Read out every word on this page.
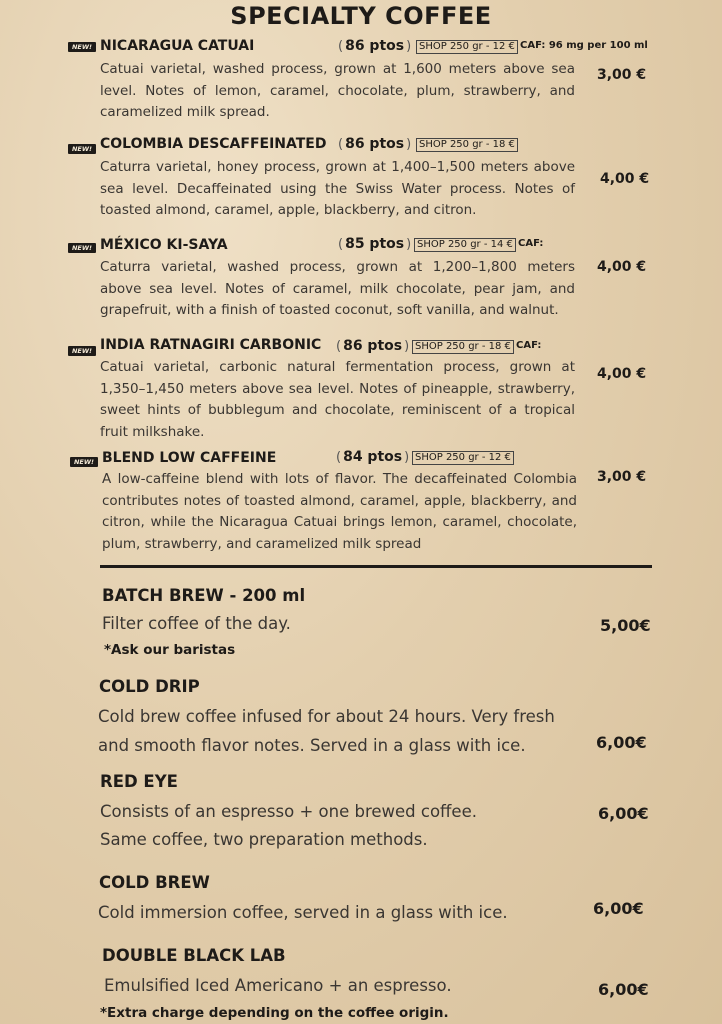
SPECIALTY COFFEE
NEW! NICARAGUA CATUAI	( 86 ptos )	SHOP 250 gr - 12 € CAF: 96 mg per 100 ml
Catuai varietal, washed process, grown at 1,600 meters above sea level. Notes of lemon, caramel, chocolate, plum, strawberry, and caramelized milk spread.
3,00 €
NEW! COLOMBIA DESCAFFEINATED	( 86 ptos )	SHOP 250 gr - 18 €
Caturra varietal, honey process, grown at 1,400–1,500 meters above sea level. Decaffeinated using the Swiss Water process. Notes of toasted almond, caramel, apple, blackberry, and citron.
4,00 €
NEW! MÉXICO KI-SAYA	( 85 ptos )	SHOP 250 gr - 14 € CAF:
Caturra varietal, washed process, grown at 1,200–1,800 meters above sea level. Notes of caramel, milk chocolate, pear jam, and grapefruit, with a finish of toasted coconut, soft vanilla, and walnut.
4,00 €
NEW! INDIA RATNAGIRI CARBONIC	( 86 ptos )	SHOP 250 gr - 18 € CAF:
Catuai varietal, carbonic natural fermentation process, grown at 1,350–1,450 meters above sea level. Notes of pineapple, strawberry, sweet hints of bubblegum and chocolate, reminiscent of a tropical fruit milkshake.
4,00 €
NEW! BLEND LOW CAFFEINE	( 84 ptos )	SHOP 250 gr - 12 €
A low-caffeine blend with lots of flavor. The decaffeinated Colombia contributes notes of toasted almond, caramel, apple, blackberry, and citron, while the Nicaragua Catuai brings lemon, caramel, chocolate, plum, strawberry, and caramelized milk spread
3,00 €
BATCH BREW - 200 ml
Filter coffee of the day.
*Ask our baristas
5,00€
COLD DRIP
Cold brew coffee infused for about 24 hours. Very fresh
and smooth flavor notes. Served in a glass with ice.	6,00€
RED EYE
Consists of an espresso + one brewed coffee.
Same coffee, two preparation methods.
6,00€
COLD BREW
Cold immersion coffee, served in a glass with ice.	6,00€
DOUBLE BLACK LAB
Emulsified Iced Americano + an espresso.
*Extra charge depending on the coffee origin.
6,00€
